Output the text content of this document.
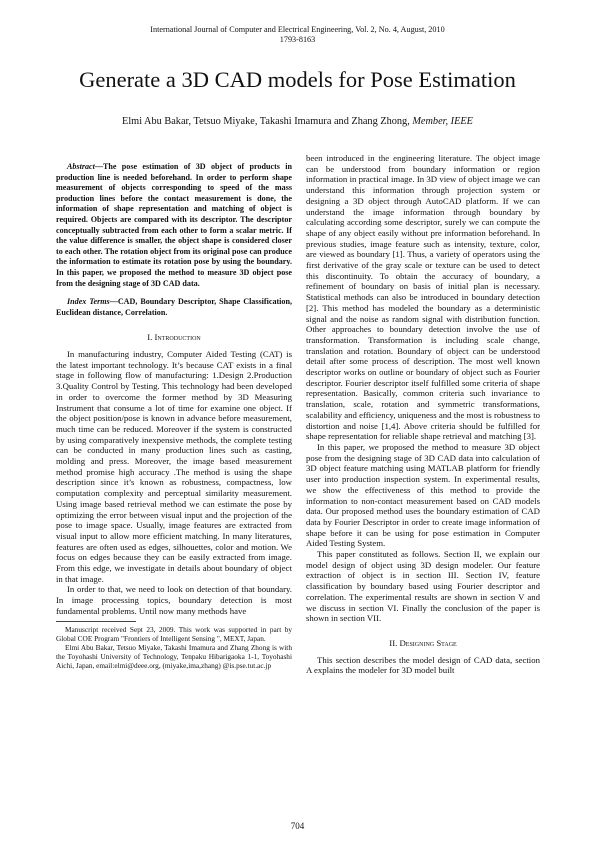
International Journal of Computer and Electrical Engineering, Vol. 2, No. 4, August, 2010
1793-8163
Generate a 3D CAD models for Pose Estimation
Elmi Abu Bakar, Tetsuo Miyake, Takashi Imamura and Zhang Zhong, Member, IEEE

Abstract—The pose estimation of 3D object of products in production line is needed beforehand. In order to perform shape measurement of objects corresponding to speed of the mass production lines before the contact measurement is done, the information of shape representation and matching of object is required. Objects are compared with its descriptor. The descriptor conceptually subtracted from each other to form a scalar metric. If the value difference is smaller, the object shape is considered closer to each other. The rotation object from its original pose can produce the information to estimate its rotation pose by using the boundary. In this paper, we proposed the method to measure 3D object pose from the designing stage of 3D CAD data.

Index Terms—CAD, Boundary Descriptor, Shape Classification, Euclidean distance, Correlation.

I. Introduction

In manufacturing industry, Computer Aided Testing (CAT) is the latest important technology. It’s because CAT exists in a final stage in following flow of manufacturing: 1.Design 2.Production 3.Quality Control by Testing. This technology had been developed in order to overcome the former method by 3D Measuring Instrument that consume a lot of time for examine one object. If the object position/pose is known in advance before measurement, much time can be reduced. Moreover if the system is constructed by using comparatively inexpensive methods, the complete testing can be conducted in many production lines such as casting, molding and press. Moreover, the image based measurement method promise high accuracy .The method is using the shape description since it’s known as robustness, compactness, low computation complexity and perceptual similarity measurement. Using image based retrieval method we can estimate the pose by optimizing the error between visual input and the projection of the pose to image space. Usually, image features are extracted from visual input to allow more efficient matching. In many literatures, features are often used as edges, silhouettes, color and motion. We focus on edges because they can be easily extracted from image. From this edge, we investigate in details about boundary of object in that image.

In order to that, we need to look on detection of that boundary. In image processing topics, boundary detection is most fundamental problems. Until now many methods have

Manuscript received Sept 23, 2009. This work was supported in part by Global COE Program "Frontiers of Intelligent Sensing ", MEXT, Japan.

Elmi Abu Bakar, Tetsuo Miyake, Takashi Imamura and Zhang Zhong is with the Toyohashi University of Technology, Tenpaku Hibarigaoka 1-1, Toyohashi Aichi, Japan, email:elmi@deee.org, (miyake,ima,zhang) @is.pse.tut.ac.jp

been introduced in the engineering literature. The object image can be understood from boundary information or region information in practical image. In 3D view of object image we can understand this information through projection system or designing a 3D object through AutoCAD platform. If we can understand the image information through boundary by calculating according some descriptor, surely we can compute the shape of any object easily without pre information beforehand. In previous studies, image feature such as intensity, texture, color, are viewed as boundary [1]. Thus, a variety of operators using the first derivative of the gray scale or texture can be used to detect this discontinuity. To obtain the accuracy of boundary, a refinement of boundary on basis of initial plan is necessary. Statistical methods can also be introduced in boundary detection [2]. This method has modeled the boundary as a deterministic signal and the noise as random signal with distribution function. Other approaches to boundary detection involve the use of transformation. Transformation is including scale change, translation and rotation. Boundary of object can be understood detail after some process of description. The most well known descriptor works on outline or boundary of object such as Fourier descriptor. Fourier descriptor itself fulfilled some criteria of shape representation. Basically, common criteria such invariance to translation, scale, rotation and symmetric transformations, scalability and efficiency, uniqueness and the most is robustness to distortion and noise [1,4]. Above criteria should be fulfilled for shape representation for reliable shape retrieval and matching [3].

In this paper, we proposed the method to measure 3D object pose from the designing stage of 3D CAD data into calculation of 3D object feature matching using MATLAB platform for friendly user into production inspection system. In experimental results, we show the effectiveness of this method to provide the information to non-contact measurement based on CAD models data. Our proposed method uses the boundary estimation of CAD data by Fourier Descriptor in order to create image information of shape before it can be using for pose estimation in Computer Aided Testing System.

This paper constituted as follows. Section II, we explain our model design of object using 3D design modeler. Our feature extraction of object is in section III. Section IV, feature classification by boundary based using Fourier descriptor and correlation. The experimental results are shown in section V and we discuss in section VI. Finally the conclusion of the paper is shown in section VII.

II. Designing Stage

This section describes the model design of CAD data, section A explains the modeler for 3D model built

704
